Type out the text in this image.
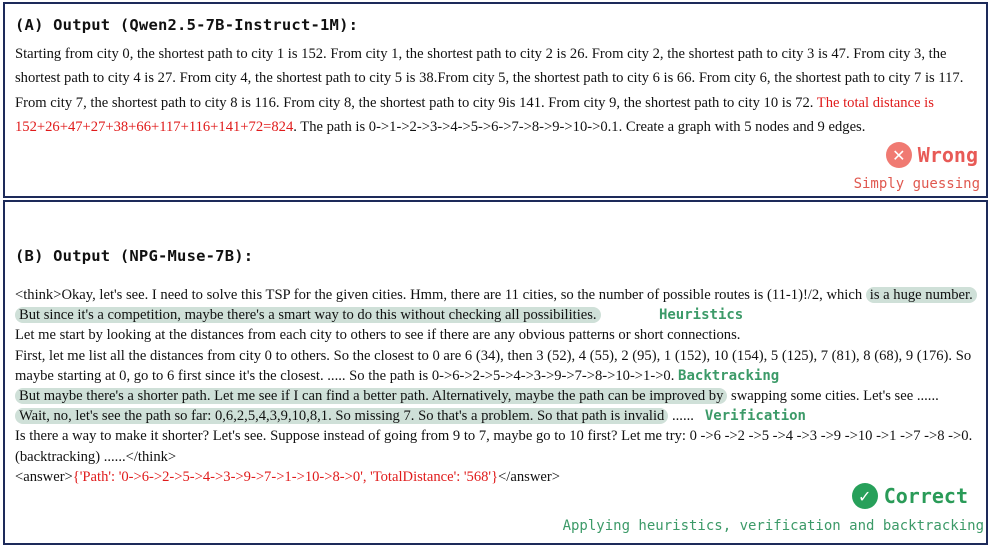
(A) Output (Qwen2.5-7B-Instruct-1M):
Starting from city 0, the shortest path to city 1 is 152. From city 1, the shortest path to city 2 is 26. From city 2, the shortest path to city 3 is 47. From city 3, the shortest path to city 4 is 27. From city 4, the shortest path to city 5 is 38.From city 5, the shortest path to city 6 is 66. From city 6, the shortest path to city 7 is 117. From city 7, the shortest path to city 8 is 116. From city 8, the shortest path to city 9is 141. From city 9, the shortest path to city 10 is 72. The total distance is 152+26+47+27+38+66+117+116+141+72=824. The path is 0->1->2->3->4->5->6->7->8->9->10->0.1. Create a graph with 5 nodes and 9 edges.
✕ Wrong
Simply guessing
(B) Output (NPG-Muse-7B):
<think>Okay, let's see. I need to solve this TSP for the given cities. Hmm, there are 11 cities, so the number of possible routes is (11-1)!/2, which is a huge number. But since it's a competition, maybe there's a smart way to do this without checking all possibilities.	Heuristics
Let me start by looking at the distances from each city to others to see if there are any obvious patterns or short connections.
First, let me list all the distances from city 0 to others. So the closest to 0 are 6 (34), then 3 (52), 4 (55), 2 (95), 1 (152), 10 (154), 5 (125), 7 (81), 8 (68), 9 (176). So maybe starting at 0, go to 6 first since it's the closest. ..... So the path is 0->6->2->5->4->3->9->7->8->10->1->0. Backtracking
But maybe there's a shorter path. Let me see if I can find a better path. Alternatively, maybe the path can be improved by swapping some cities. Let's see ......
Wait, no, let's see the path so far: 0,6,2,5,4,3,9,10,8,1. So missing 7. So that's a problem. So that path is invalid ...... Verification
Is there a way to make it shorter? Let's see. Suppose instead of going from 9 to 7, maybe go to 10 first? Let me try: 0 ->6 ->2 ->5 ->4 ->3 ->9 ->10 ->1 ->7 ->8 ->0. (backtracking) ......</think>
<answer>{'Path': '0->6->2->5->4->3->9->7->1->10->8->0', 'TotalDistance': '568'}</answer>
✓ Correct
Applying heuristics, verification and backtracking
